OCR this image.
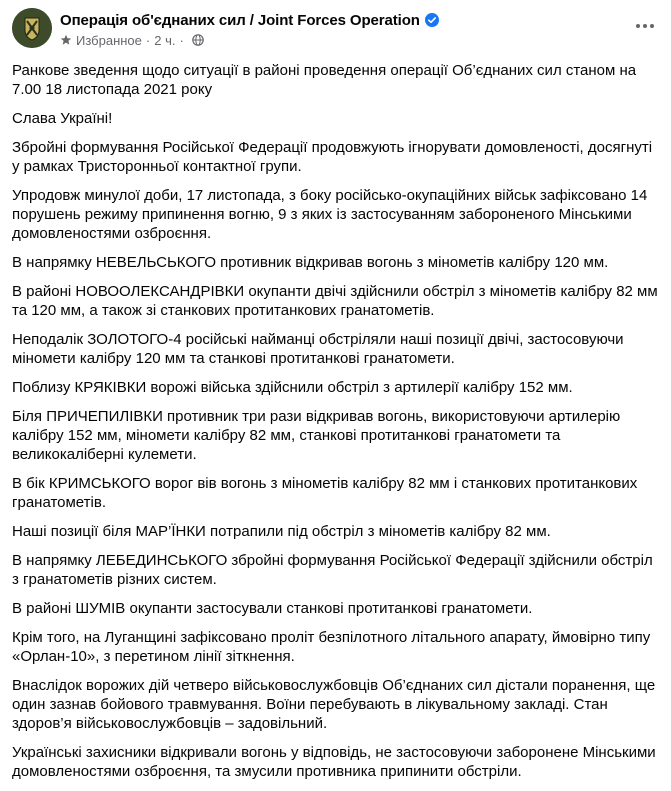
Операція об'єднаних сил / Joint Forces Operation
Избранное · 2 ч. ·

Ранкове зведення щодо ситуації в районі проведення операції Об’єднаних сил станом на 7.00 18 листопада 2021 року

Слава Україні!

Збройні формування Російської Федерації продовжують ігнорувати домовленості, досягнуті у рамках Тристоронньої контактної групи.

Упродовж минулої доби, 17 листопада, з боку російсько-окупаційних військ зафіксовано 14 порушень режиму припинення вогню, 9 з яких із застосуванням забороненого Мінськими домовленостями озброєння.

В напрямку НЕВЕЛЬСЬКОГО противник відкривав вогонь з мінометів калібру 120 мм.

В районі НОВООЛЕКСАНДРІВКИ окупанти двічі здійснили обстріл з мінометів калібру 82 мм та 120 мм, а також зі станкових протитанкових гранатометів.

Неподалік ЗОЛОТОГО-4 російські найманці обстріляли наші позиції двічі, застосовуючи міномети калібру 120 мм та станкові протитанкові гранатомети.

Поблизу КРЯКІВКИ ворожі війська здійснили обстріл з артилерії калібру 152 мм.

Біля ПРИЧЕПИЛІВКИ противник три рази відкривав вогонь, використовуючи артилерію калібру 152 мм, міномети калібру 82 мм, станкові протитанкові гранатомети та великокаліберні кулемети.

В бік КРИМСЬКОГО ворог вів вогонь з мінометів калібру 82 мм і станкових протитанкових гранатометів.

Наші позиції біля МАР’ЇНКИ потрапили під обстріл з мінометів калібру 82 мм.

В напрямку ЛЕБЕДИНСЬКОГО збройні формування Російської Федерації здійснили обстріл з гранатометів різних систем.

В районі ШУМІВ окупанти застосували станкові протитанкові гранатомети.

Крім того, на Луганщині зафіксовано проліт безпілотного літального апарату, ймовірно типу «Орлан-10», з перетином лінії зіткнення.

Внаслідок ворожих дій четверо військовослужбовців Об’єднаних сил дістали поранення, ще один зазнав бойового травмування. Воїни перебувають в лікувальному закладі. Стан здоров’я військовослужбовців – задовільний.

Українські захисники відкривали вогонь у відповідь, не застосовуючи заборонене Мінськими домовленостями озброєння, та змусили противника припинити обстріли.
